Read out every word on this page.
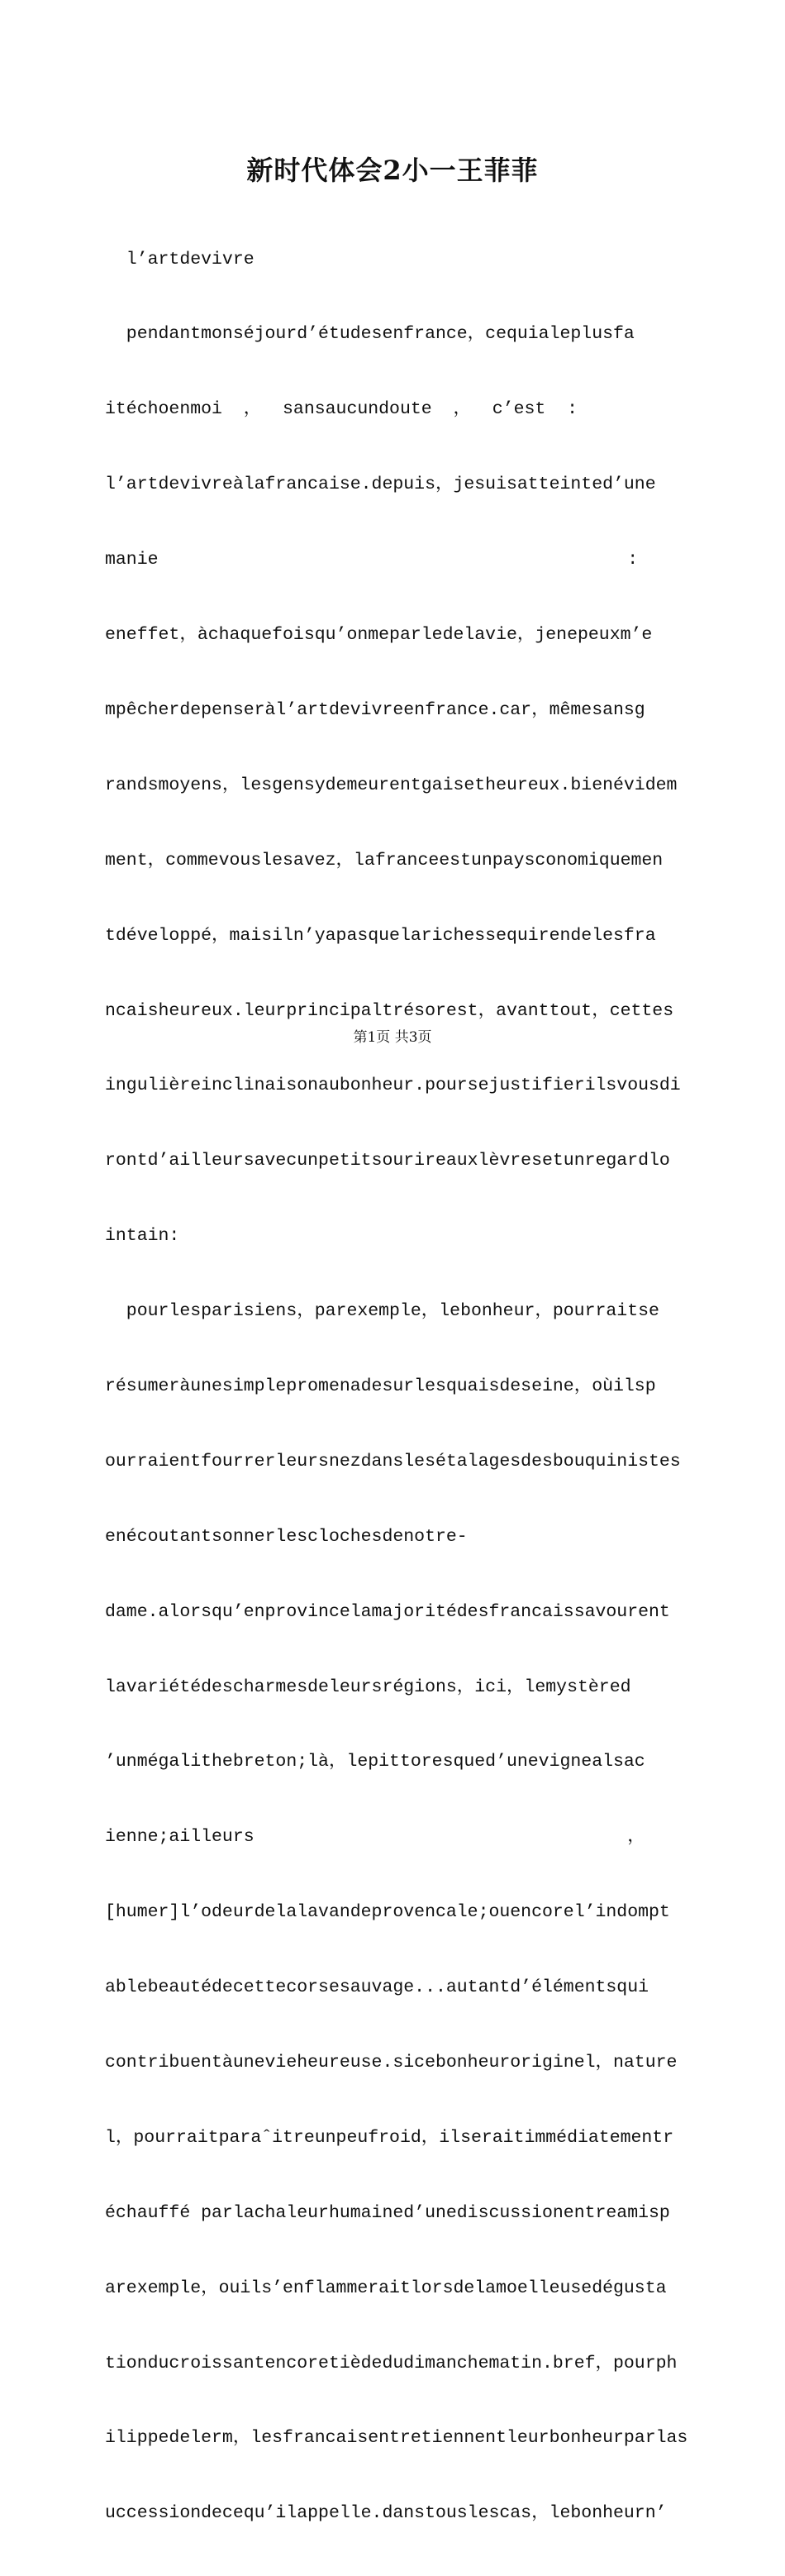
新时代体会2小一王菲菲

l’artdevivre

pendantmonséjourd’étudesenfrance，cequialeplusfa

itéchoenmoi  ，  sansaucundoute  ，  c’est  :

l’artdevivreàlafrancaise.depuis，jesuisatteinted’une

manie                                            :

eneffet，àchaquefoisqu’onmeparledelavie，jenepeuxm’e

mpêcherdepenseràl’artdevivreenfrance.car，mêmesansg

randsmoyens，lesgensydemeurentgaisetheureux.bienévidem

ment，commevouslesavez，lafranceestunpaysconomiquemen

tdéveloppé，maisiln’yapasquelarichessequirendelesfra

ncaisheureux.leurprincipaltrésorest，avanttout，cettes

ingulièreinclinaisonaubonheur.poursejustifierilsvousdi

rontd’ailleursavecunpetitsourireauxlèvresetunregardlo

intain:

pourlesparisiens，parexemple，lebonheur，pourraitse

résumeràunesimplepromenadesurlesquaisdeseine，oùilsp

ourraientfourrerleursnezdanslesétalagesdesbouquinistes

enécoutantsonnerlesclochesdenotre-

dame.alorsqu’enprovincelamajoritédesfrancaissavourent

lavariétédescharmesdeleursrégions，ici，lemystèred

’unmégalithebreton;là，lepittoresqued’unevignealsac

ienne;ailleurs                                   ，

[humer]l’odeurdelalavandeprovencale;ouencorel’indompt

ablebeautédecettecorsesauvage...autantd’élémentsqui

contribuentàunevieheureuse.sicebonheuroriginel，nature

l，pourraitparaˆitreunpeufroid，ilseraitimmédiatementr

échauffé parlachaleurhumained’unediscussionentreamisp

arexemple，ouils’enflammeraitlorsdelamoelleusedégusta

tionducroissantencoretièdedudimanchematin.bref，pourph

ilippedelerm，lesfrancaisentretiennentleurbonheurparlas

uccessiondecequ’ilappelle.danstouslescas，lebonheurn’

第1页 共3页
